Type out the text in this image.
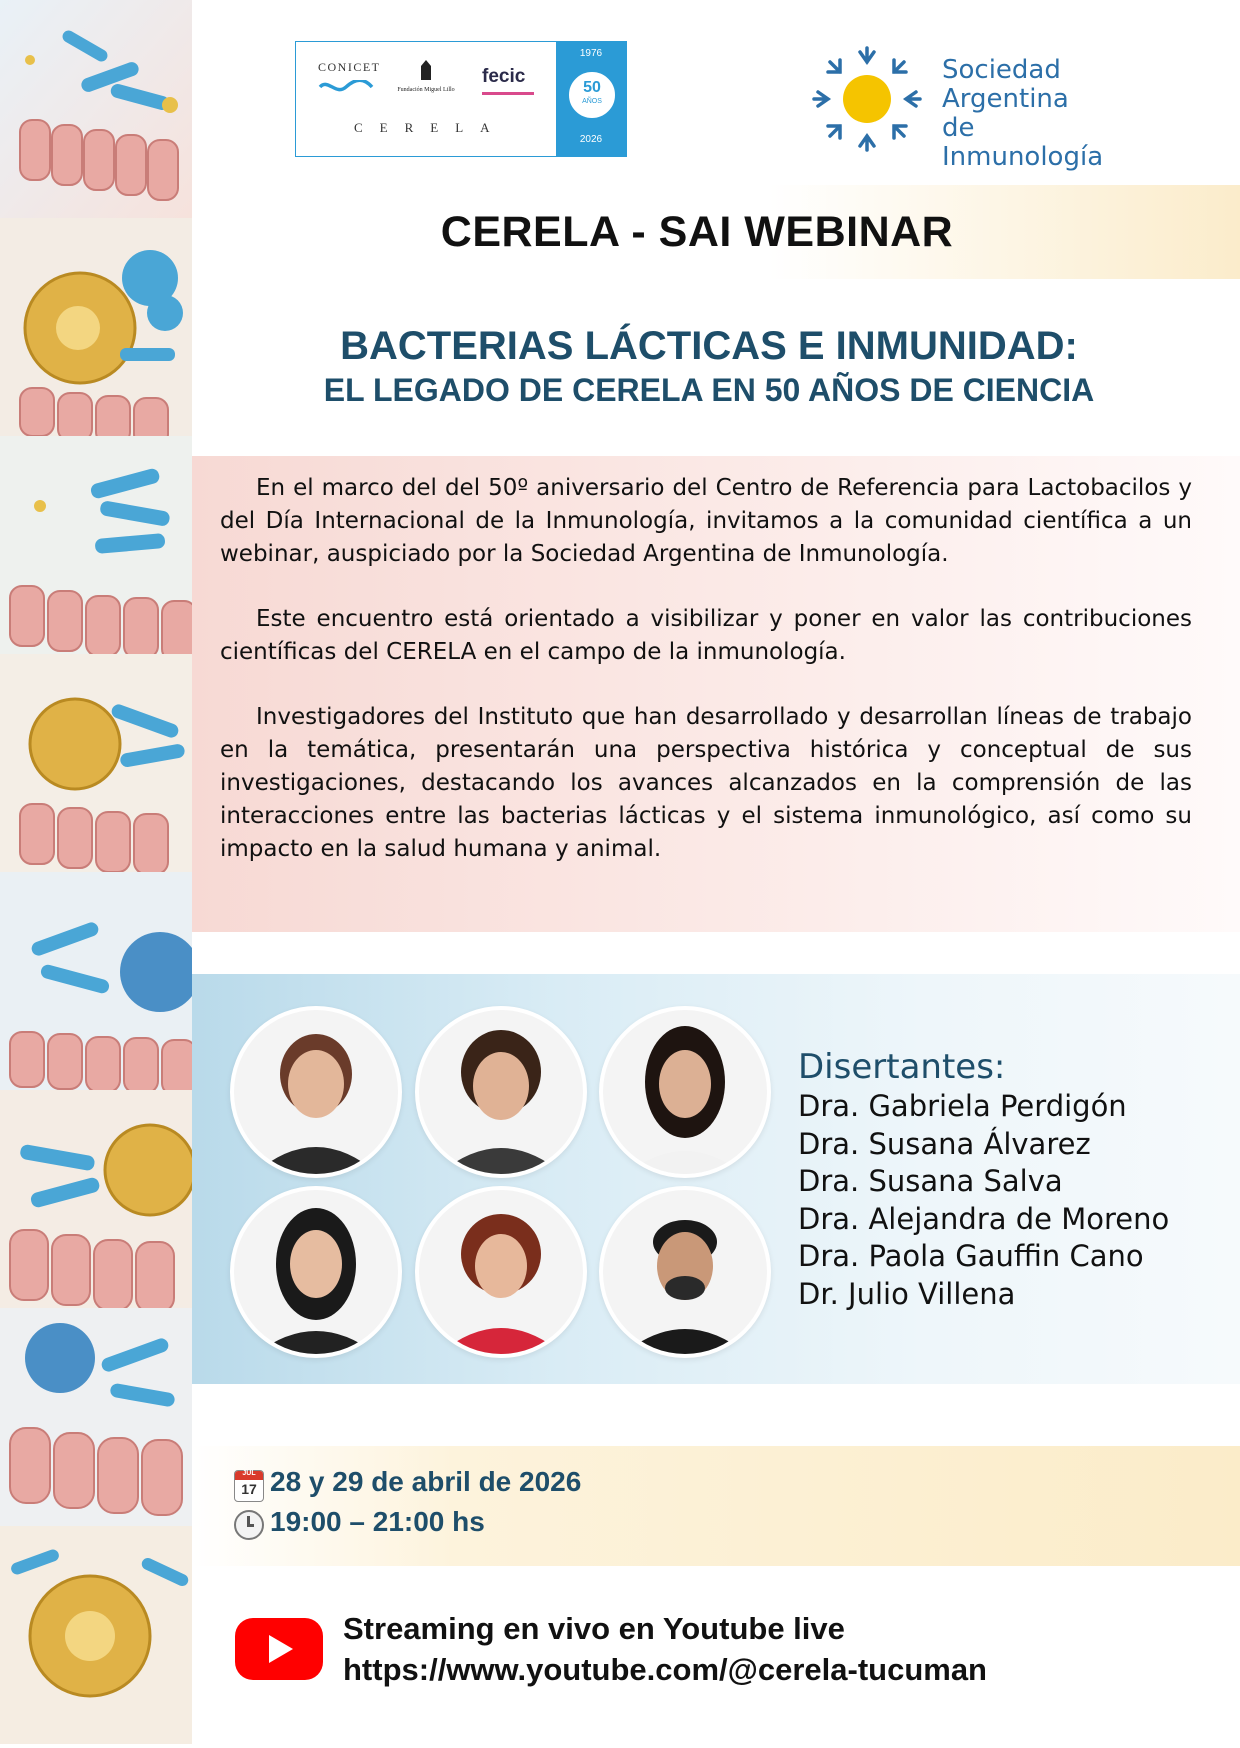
CONICET
Fundación Miguel Lillo
fecic
CERELA
1976
50
AÑOS
2026
Sociedad
Argentina de
Inmunología
CERELA - SAI WEBINAR
BACTERIAS LÁCTICAS E INMUNIDAD:
EL LEGADO DE CERELA EN 50 AÑOS DE CIENCIA

En el marco del del 50º aniversario del Centro de Referencia para Lactobacilos y del Día Internacional de la Inmunología, invitamos a la comunidad científica a un webinar, auspiciado por la Sociedad Argentina de Inmunología.

Este encuentro está orientado a visibilizar y poner en valor las contribuciones científicas del CERELA en el campo de la inmunología.

Investigadores del Instituto que han desarrollado y desarrollan líneas de trabajo en la temática, presentarán una perspectiva histórica y conceptual de sus investigaciones, destacando los avances alcanzados en la comprensión de las interacciones entre las bacterias lácticas y el sistema inmunológico, así como su impacto en la salud humana y animal.

Disertantes:
Dra. Gabriela Perdigón
Dra. Susana Álvarez
Dra. Susana Salva
Dra. Alejandra de Moreno
Dra. Paola Gauffin Cano
Dr. Julio Villena
JUL
17 28 y 29 de abril de 2026
19:00 – 21:00 hs
Streaming en vivo en Youtube live
https://www.youtube.com/@cerela-tucuman
